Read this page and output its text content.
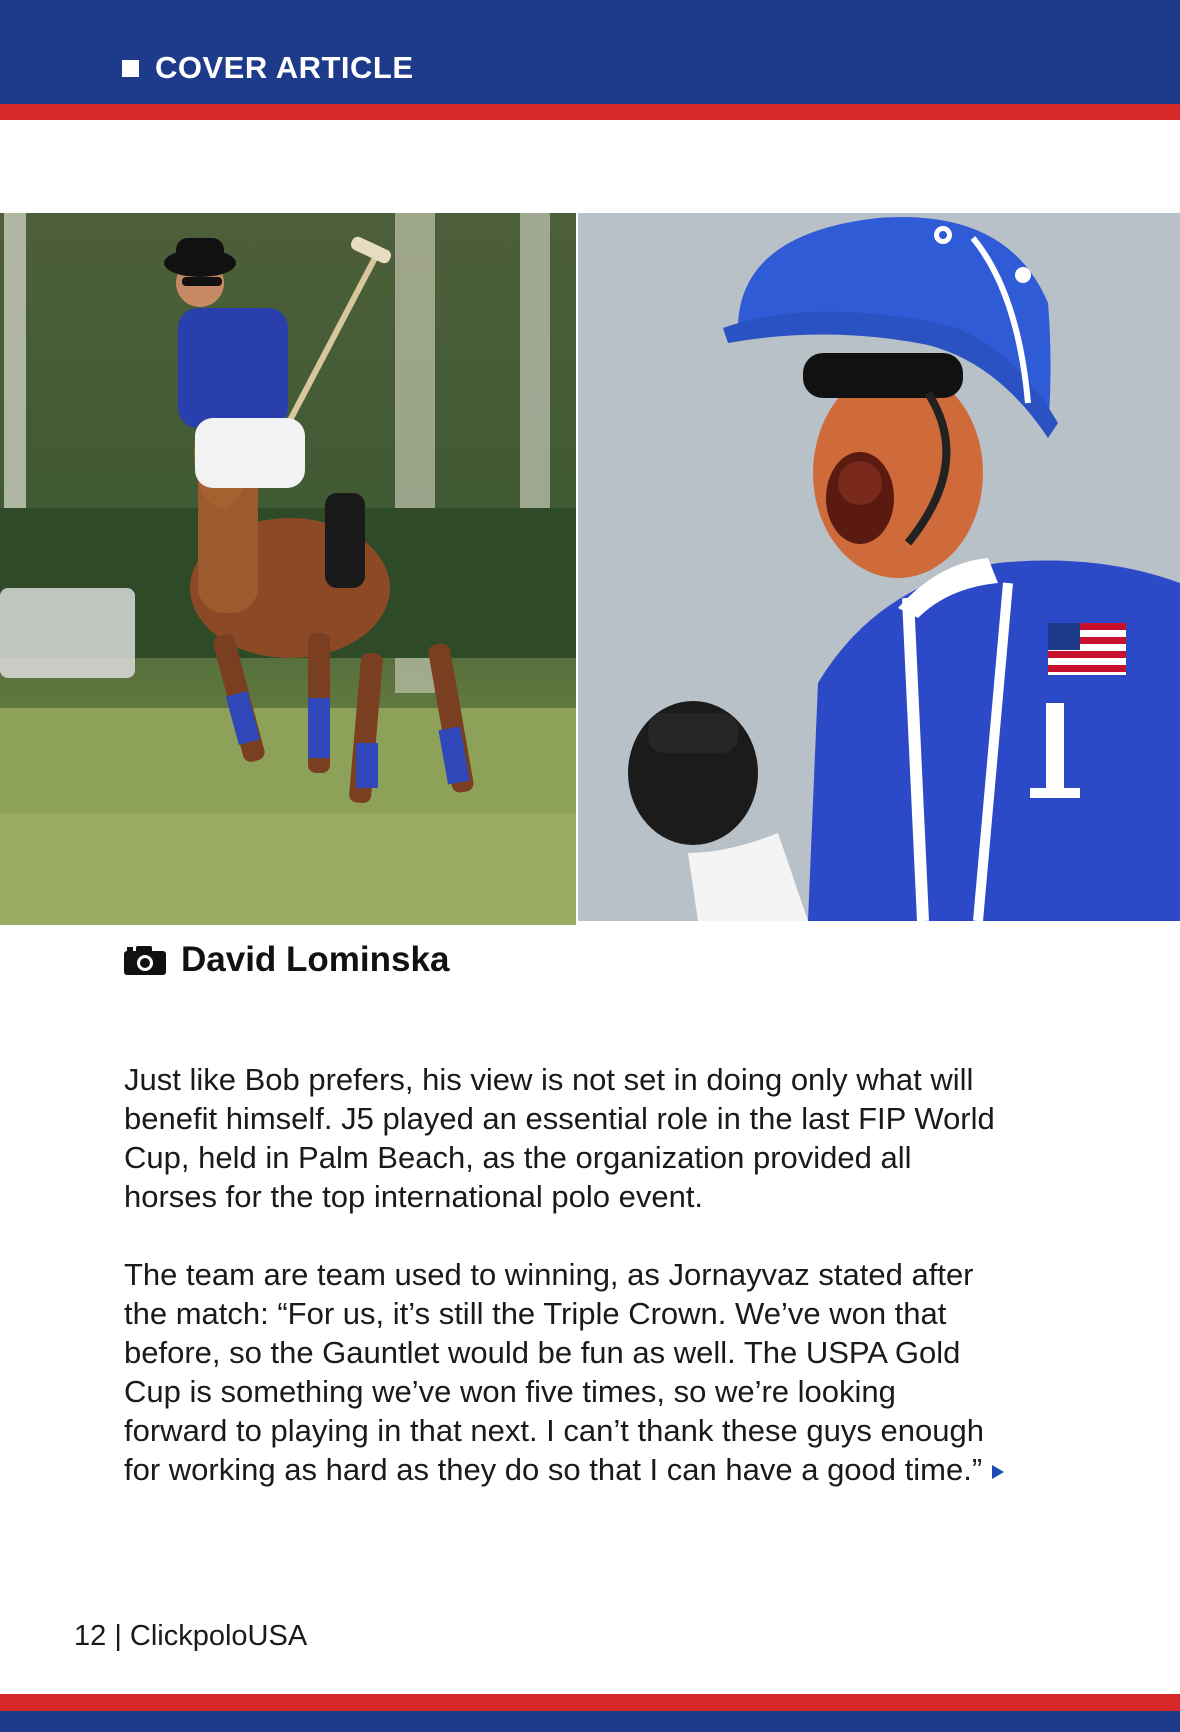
COVER ARTICLE
David Lominska
Just like Bob prefers, his view is not set in doing only what will
benefit himself. J5 played an essential role in the last FIP World
Cup, held in Palm Beach, as the organization provided all
horses for the top international polo event.
The team are team used to winning, as Jornayvaz stated after
the match: “For us, it’s still the Triple Crown. We’ve won that
before, so the Gauntlet would be fun as well. The USPA Gold
Cup is something we’ve won five times, so we’re looking
forward to playing in that next. I can’t thank these guys enough
for working as hard as they do so that I can have a good time.”
12 | ClickpoloUSA
